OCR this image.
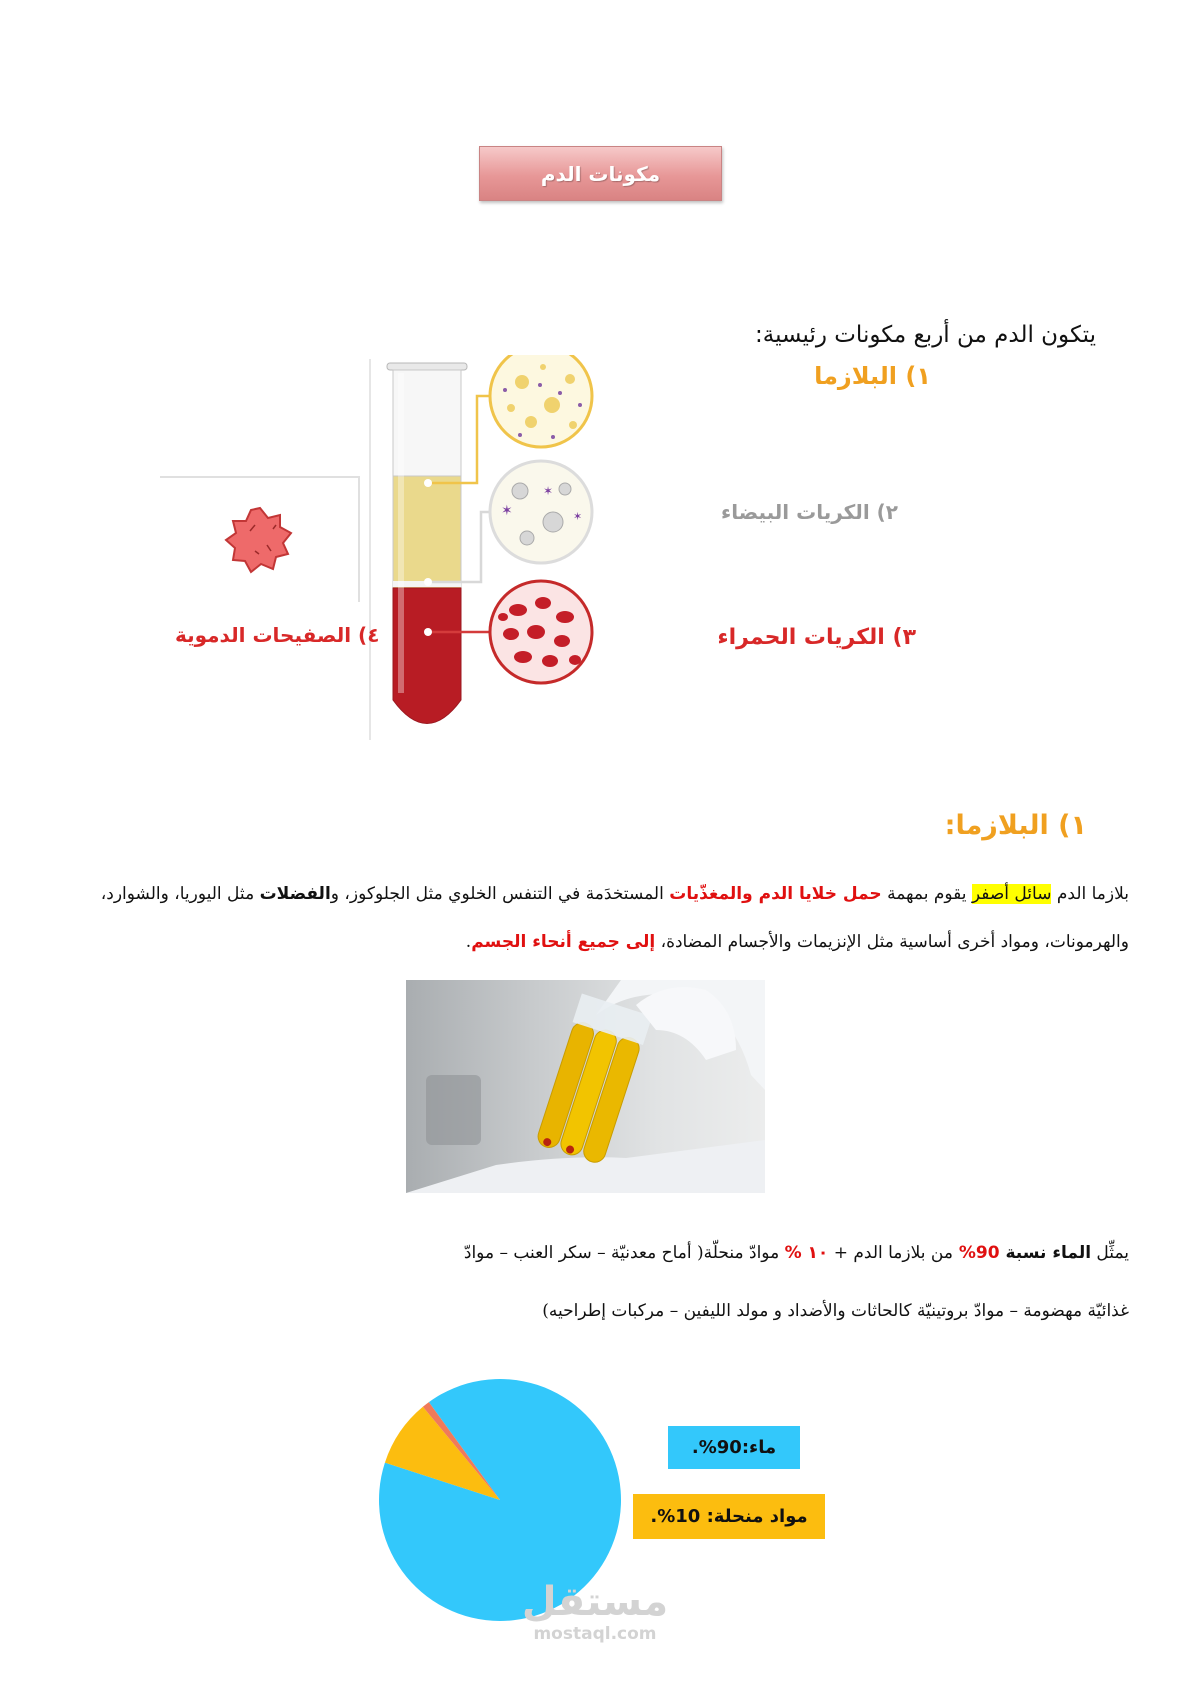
مكونات الدم
يتكون الدم من أربع مكونات رئيسية:
✶
✶
✶
١) البلازما
٢) الكريات البيضاء
٣) الكريات الحمراء
٤) الصفيحات الدموية
١) البلازما:
بلازما الدم سائل أصفر يقوم بمهمة حمل خلايا الدم والمغذّيات المستخدَمة في التنفس الخلوي مثل الجلوكوز، والفضلات مثل اليوريا، والشوارد، والهرمونات، ومواد أخرى أساسية مثل الإنزيمات والأجسام المضادة، إلى جميع أنحاء الجسم.
يمثِّل الماء نسبة 90% من بلازما الدم + ١٠ % موادّ منحلّة( أماح معدنيّة – سكر العنب – موادّ
غذائيّة مهضومة – موادّ بروتينيّة كالحاثات والأضداد و مولد الليفين – مركبات إطراحيه)
ماء:90%.
مواد منحلة: 10%.
مستقل
mostaql.com
